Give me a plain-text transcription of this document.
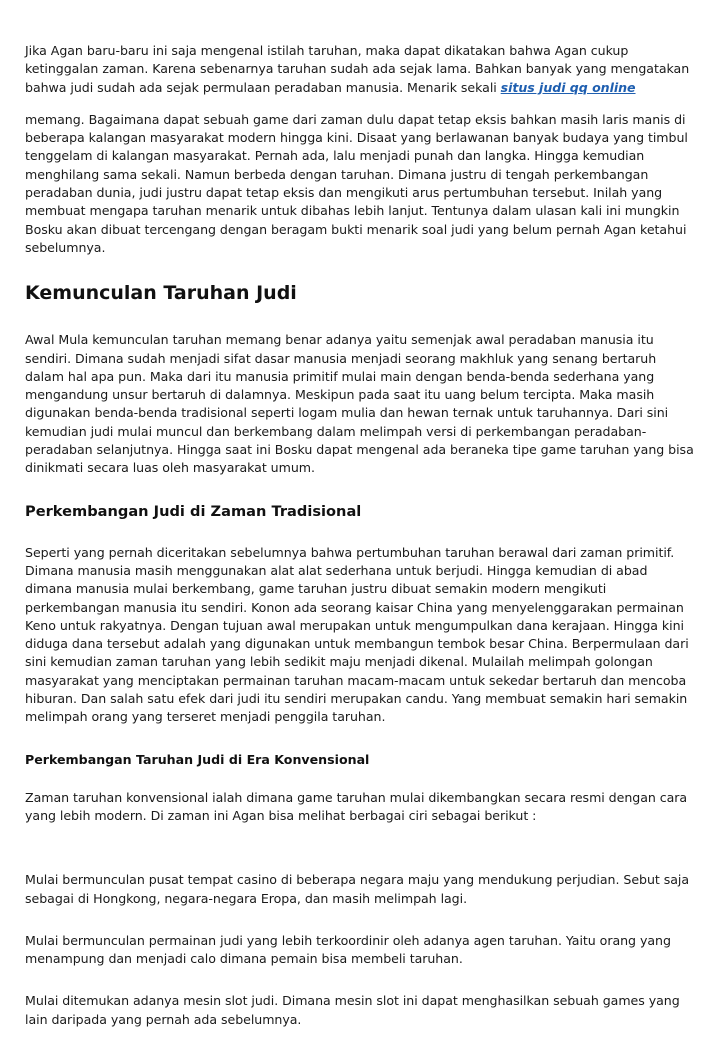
Jika Agan baru-baru ini saja mengenal istilah taruhan, maka dapat dikatakan bahwa Agan cukup ketinggalan zaman. Karena sebenarnya taruhan sudah ada sejak lama. Bahkan banyak yang mengatakan bahwa judi sudah ada sejak permulaan peradaban manusia. Menarik sekali situs judi qq online

memang. Bagaimana dapat sebuah game dari zaman dulu dapat tetap eksis bahkan masih laris manis di beberapa kalangan masyarakat modern hingga kini. Disaat yang berlawanan banyak budaya yang timbul tenggelam di kalangan masyarakat. Pernah ada, lalu menjadi punah dan langka. Hingga kemudian menghilang sama sekali. Namun berbeda dengan taruhan. Dimana justru di tengah perkembangan peradaban dunia, judi justru dapat tetap eksis dan mengikuti arus pertumbuhan tersebut. Inilah yang membuat mengapa taruhan menarik untuk dibahas lebih lanjut. Tentunya dalam ulasan kali ini mungkin Bosku akan dibuat tercengang dengan beragam bukti menarik soal judi yang belum pernah Agan ketahui sebelumnya.

Kemunculan Taruhan Judi

Awal Mula kemunculan taruhan memang benar adanya yaitu semenjak awal peradaban manusia itu sendiri. Dimana sudah menjadi sifat dasar manusia menjadi seorang makhluk yang senang bertaruh dalam hal apa pun. Maka dari itu manusia primitif mulai main dengan benda-benda sederhana yang mengandung unsur bertaruh di dalamnya. Meskipun pada saat itu uang belum tercipta. Maka masih digunakan benda-benda tradisional seperti logam mulia dan hewan ternak untuk taruhannya. Dari sini kemudian judi mulai muncul dan berkembang dalam melimpah versi di perkembangan peradaban-peradaban selanjutnya. Hingga saat ini Bosku dapat mengenal ada beraneka tipe game taruhan yang bisa dinikmati secara luas oleh masyarakat umum.

Perkembangan Judi di Zaman Tradisional

Seperti yang pernah diceritakan sebelumnya bahwa pertumbuhan taruhan berawal dari zaman primitif. Dimana manusia masih menggunakan alat alat sederhana untuk berjudi. Hingga kemudian di abad dimana manusia mulai berkembang, game taruhan justru dibuat semakin modern mengikuti perkembangan manusia itu sendiri. Konon ada seorang kaisar China yang menyelenggarakan permainan Keno untuk rakyatnya. Dengan tujuan awal merupakan untuk mengumpulkan dana kerajaan. Hingga kini diduga dana tersebut adalah yang digunakan untuk membangun tembok besar China. Berpermulaan dari sini kemudian zaman taruhan yang lebih sedikit maju menjadi dikenal. Mulailah melimpah golongan masyarakat yang menciptakan permainan taruhan macam-macam untuk sekedar bertaruh dan mencoba hiburan. Dan salah satu efek dari judi itu sendiri merupakan candu. Yang membuat semakin hari semakin melimpah orang yang terseret menjadi penggila taruhan.

Perkembangan Taruhan Judi di Era Konvensional

Zaman taruhan konvensional ialah dimana game taruhan mulai dikembangkan secara resmi dengan cara yang lebih modern. Di zaman ini Agan bisa melihat berbagai ciri sebagai berikut :

Mulai bermunculan pusat tempat casino di beberapa negara maju yang mendukung perjudian. Sebut saja sebagai di Hongkong, negara-negara Eropa, dan masih melimpah lagi.

Mulai bermunculan permainan judi yang lebih terkoordinir oleh adanya agen taruhan. Yaitu orang yang menampung dan menjadi calo dimana pemain bisa membeli taruhan.

Mulai ditemukan adanya mesin slot judi. Dimana mesin slot ini dapat menghasilkan sebuah games yang lain daripada yang pernah ada sebelumnya.
